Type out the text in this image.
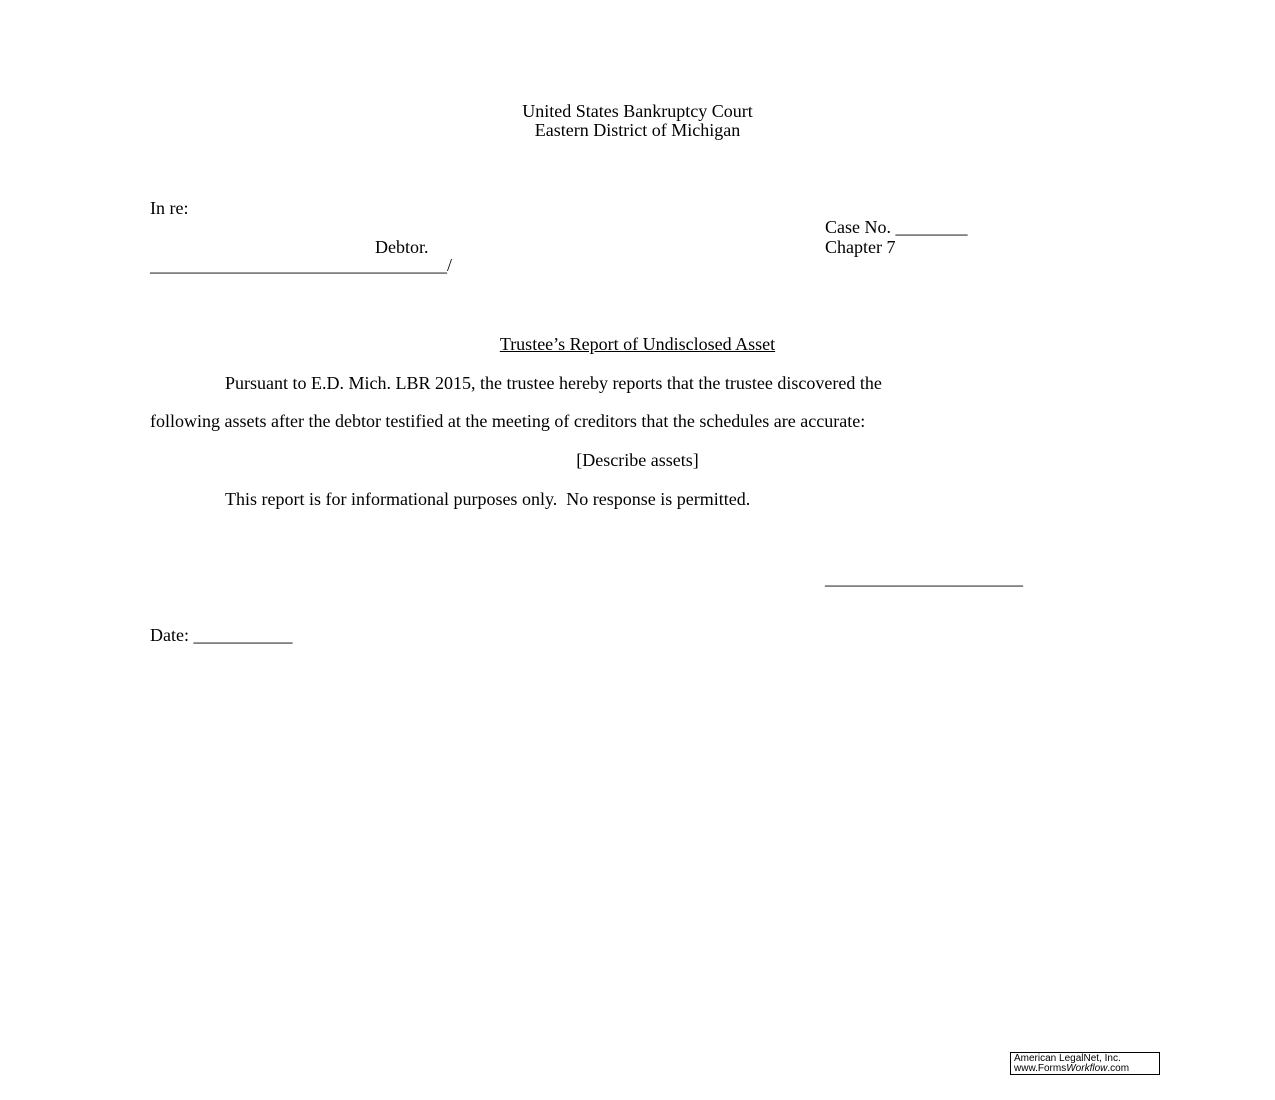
United States Bankruptcy Court
Eastern District of Michigan
In re:
Case No. ________
Debtor.	Chapter 7
_________________________________/
Trustee’s Report of Undisclosed Asset
Pursuant to E.D. Mich. LBR 2015, the trustee hereby reports that the trustee discovered the
following assets after the debtor testified at the meeting of creditors that the schedules are accurate:
[Describe assets]
This report is for informational purposes only.  No response is permitted.
______________________
Date: ___________
American LegalNet, Inc.
www.FormsWorkflow.com
